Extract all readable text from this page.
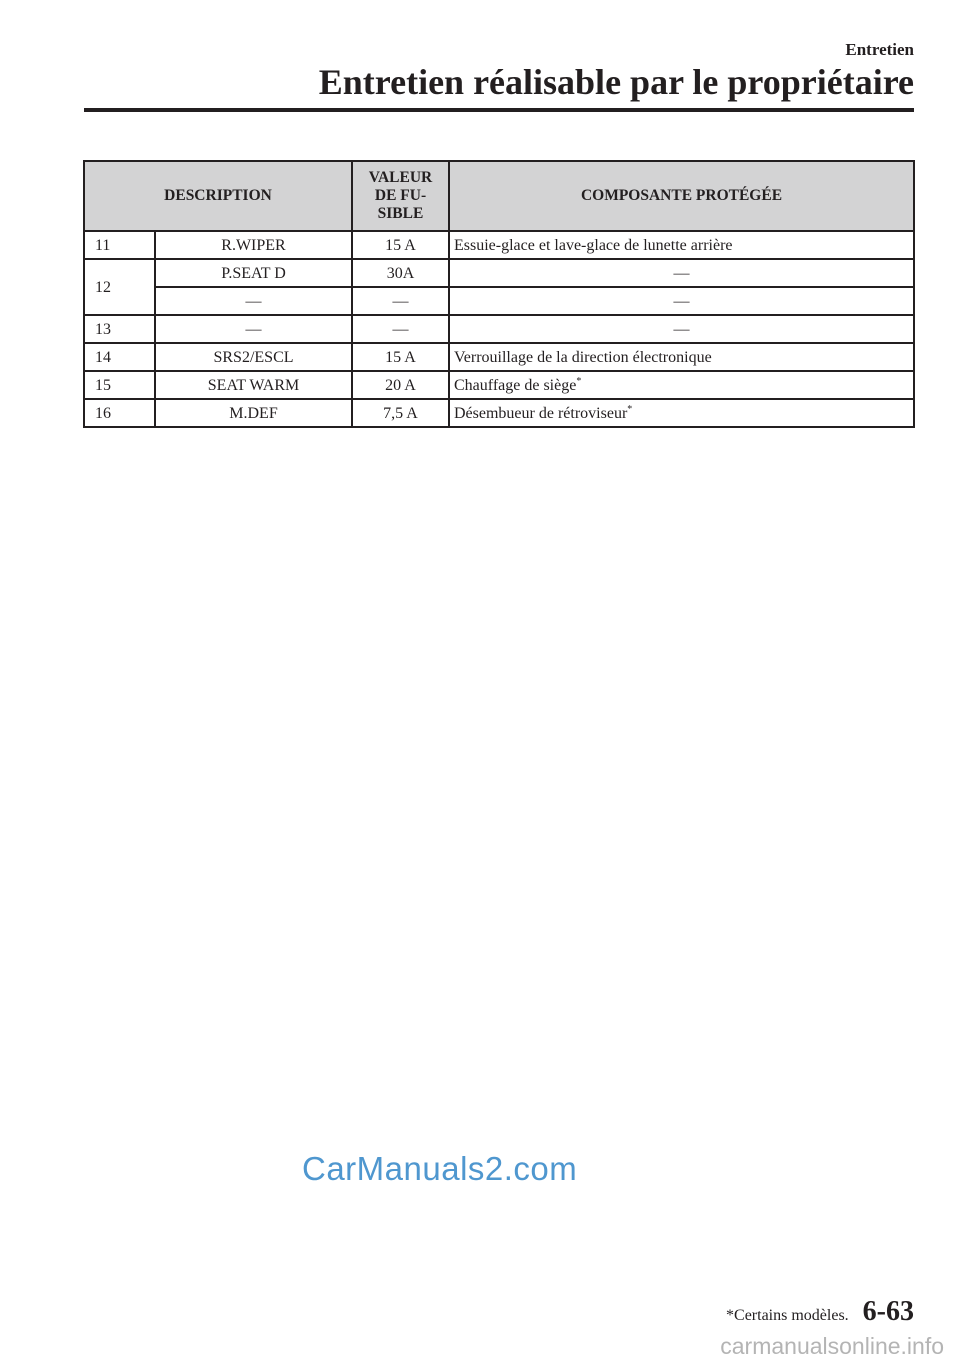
Entretien
Entretien réalisable par le propriétaire
DESCRIPTION		VALEUR
DE FU-
SIBLE	COMPOSANTE PROTÉGÉE
11	R.WIPER	15 A	Essuie-glace et lave-glace de lunette arrière
12	P.SEAT D	30A	―
	―	―	―
13	―	―	―
14	SRS2/ESCL	15 A	Verrouillage de la direction électronique
15	SEAT WARM	20 A	Chauffage de siège*
16	M.DEF	7,5 A	Désembueur de rétroviseur*
CarManuals2.com
*Certains modèles. 6-63
carmanualsonline.info
